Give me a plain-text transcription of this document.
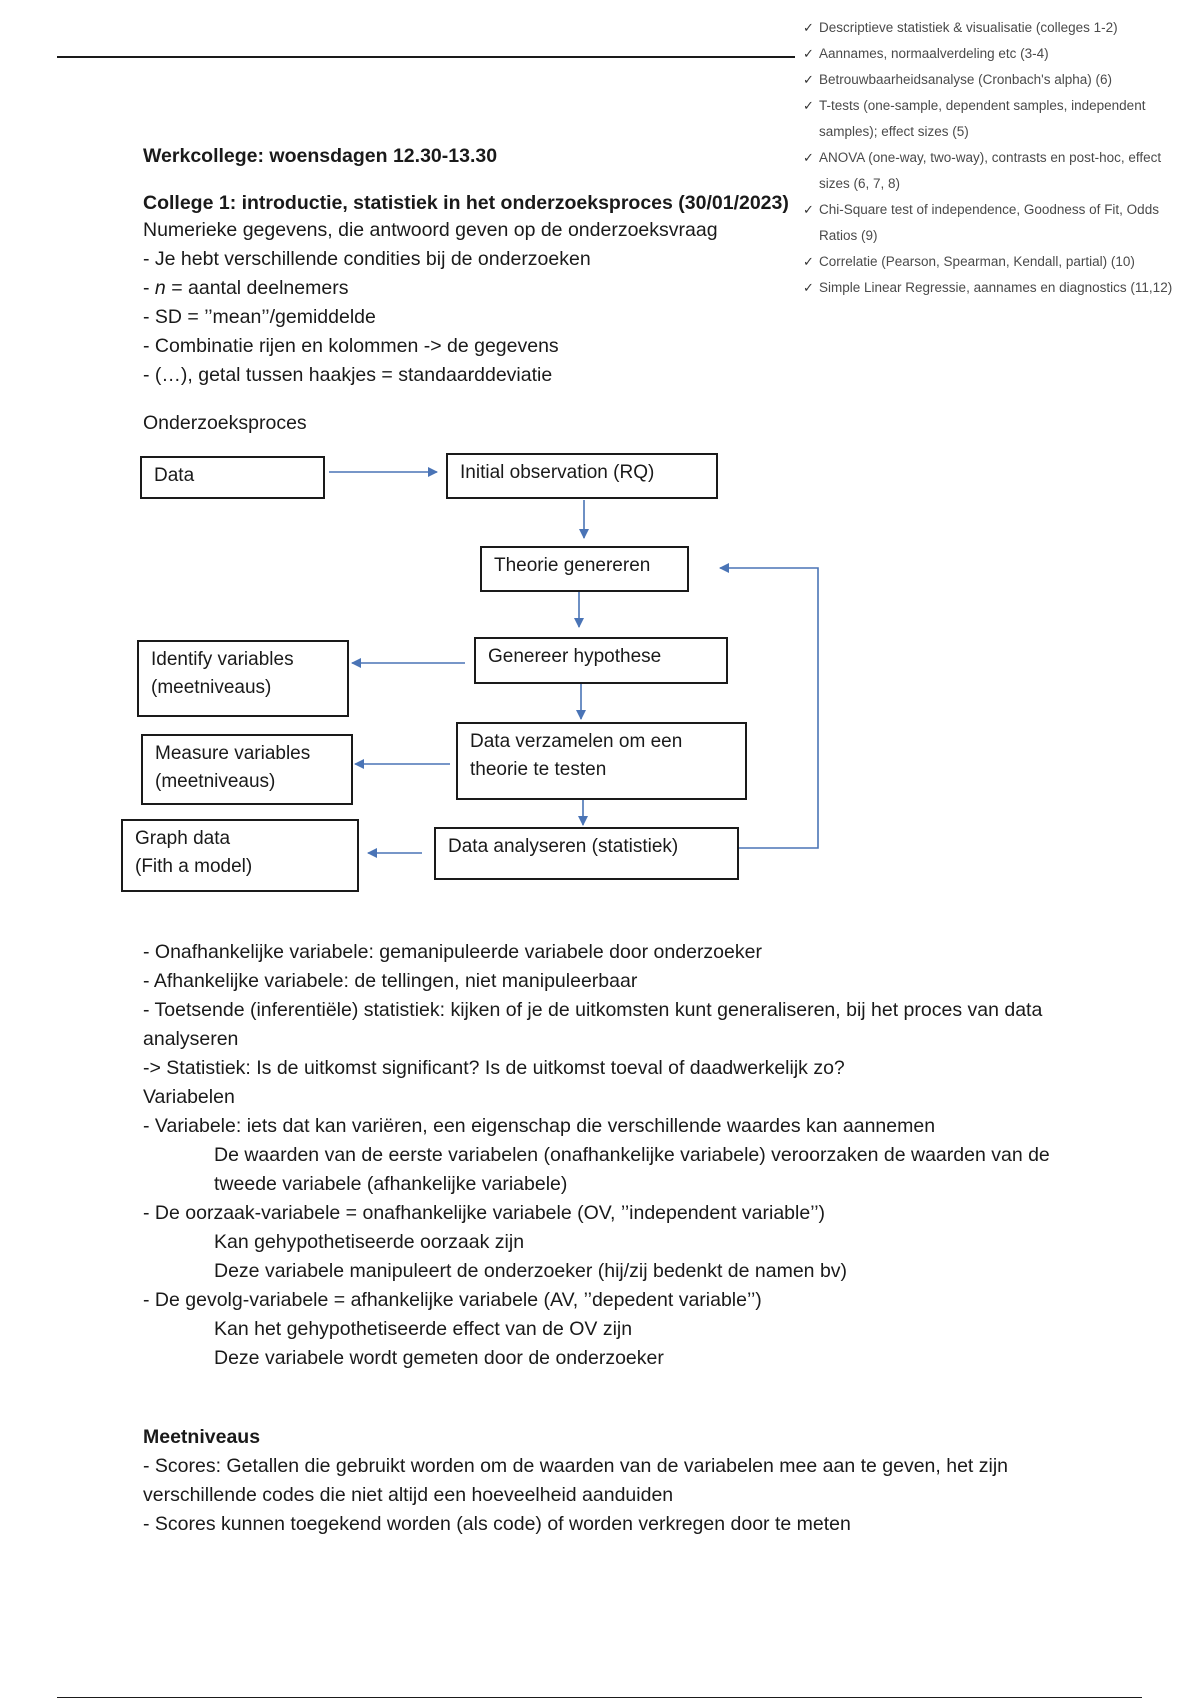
✓ Descriptieve statistiek & visualisatie (colleges 1-2)
✓ Aannames, normaalverdeling etc (3-4)
✓ Betrouwbaarheidsanalyse (Cronbach's alpha) (6)
✓ T-tests (one-sample, dependent samples, independent samples); effect sizes (5)
✓ ANOVA (one-way, two-way), contrasts en post-hoc, effect sizes (6, 7, 8)
✓ Chi-Square test of independence, Goodness of Fit, Odds Ratios (9)
✓ Correlatie (Pearson, Spearman, Kendall, partial) (10)
✓ Simple Linear Regressie, aannames en diagnostics (11,12)
Werkcollege: woensdagen 12.30-13.30
College 1: introductie, statistiek in het onderzoeksproces (30/01/2023)

Numerieke gegevens, die antwoord geven op de onderzoeksvraag

- Je hebt verschillende condities bij de onderzoeken

- n = aantal deelnemers

- SD = ’’mean’’/gemiddelde

- Combinatie rijen en kolommen -> de gegevens

- (…), getal tussen haakjes = standaarddeviatie

Onderzoeksproces
Data	Initial observation (RQ)
Theorie genereren
Genereer hypothese
Identify variables
(meetniveaus)
Data verzamelen om een
theorie te testen
Measure variables
(meetniveaus)
Data analyseren (statistiek)
Graph data
(Fith a model)

- Onafhankelijke variabele: gemanipuleerde variabele door onderzoeker

- Afhankelijke variabele: de tellingen, niet manipuleerbaar

- Toetsende (inferentiële) statistiek: kijken of je de uitkomsten kunt generaliseren, bij het proces van data analyseren

-> Statistiek: Is de uitkomst significant? Is de uitkomst toeval of daadwerkelijk zo?

Variabelen

- Variabele: iets dat kan variëren, een eigenschap die verschillende waardes kan aannemen

De waarden van de eerste variabelen (onafhankelijke variabele) veroorzaken de waarden van de tweede variabele (afhankelijke variabele)

- De oorzaak-variabele = onafhankelijke variabele (OV, ’’independent variable’’)

Kan gehypothetiseerde oorzaak zijn

Deze variabele manipuleert de onderzoeker (hij/zij bedenkt de namen bv)

- De gevolg-variabele = afhankelijke variabele (AV, ’’depedent variable’’)

Kan het gehypothetiseerde effect van de OV zijn

Deze variabele wordt gemeten door de onderzoeker

Meetniveaus

- Scores: Getallen die gebruikt worden om de waarden van de variabelen mee aan te geven, het zijn verschillende codes die niet altijd een hoeveelheid aanduiden

- Scores kunnen toegekend worden (als code) of worden verkregen door te meten
